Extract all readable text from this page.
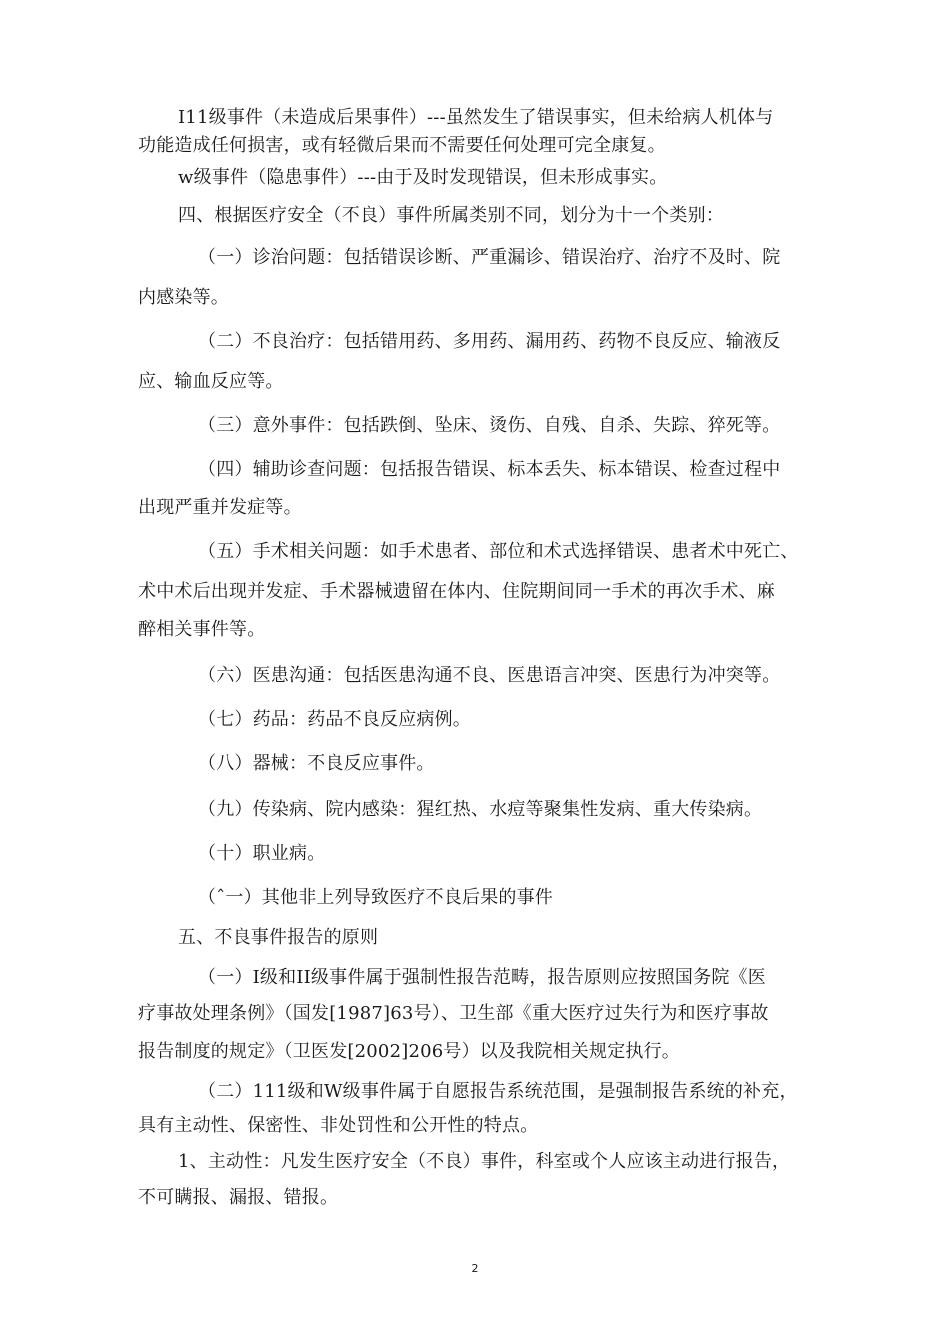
I11级事件（未造成后果事件）---虽然发生了错误事实，但未给病人机体与
功能造成任何损害，或有轻微后果而不需要任何处理可完全康复。
w级事件（隐患事件）---由于及时发现错误，但未形成事实。
四、根据医疗安全（不良）事件所属类别不同，划分为十一个类别：
（一）诊治问题：包括错误诊断、严重漏诊、错误治疗、治疗不及时、院
内感染等。
（二）不良治疗：包括错用药、多用药、漏用药、药物不良反应、输液反
应、输血反应等。
（三）意外事件：包括跌倒、坠床、烫伤、自残、自杀、失踪、猝死等。
（四）辅助诊查问题：包括报告错误、标本丢失、标本错误、检查过程中
出现严重并发症等。
（五）手术相关问题：如手术患者、部位和术式选择错误、患者术中死亡、
术中术后出现并发症、手术器械遗留在体内、住院期间同一手术的再次手术、麻
醉相关事件等。
（六）医患沟通：包括医患沟通不良、医患语言冲突、医患行为冲突等。
（七）药品：药品不良反应病例。
（八）器械：不良反应事件。
（九）传染病、院内感染：猩红热、水痘等聚集性发病、重大传染病。
（十）职业病。
（ˆ一）其他非上列导致医疗不良后果的事件
五、不良事件报告的原则
（一）I级和II级事件属于强制性报告范畴，报告原则应按照国务院《医
疗事故处理条例》（国发[1987]63号）、卫生部《重大医疗过失行为和医疗事故
报告制度的规定》（卫医发[2002]206号）以及我院相关规定执行。
（二）111级和W级事件属于自愿报告系统范围，是强制报告系统的补充，
具有主动性、保密性、非处罚性和公开性的特点。
1、主动性：凡发生医疗安全（不良）事件，科室或个人应该主动进行报告，
不可瞒报、漏报、错报。
2
